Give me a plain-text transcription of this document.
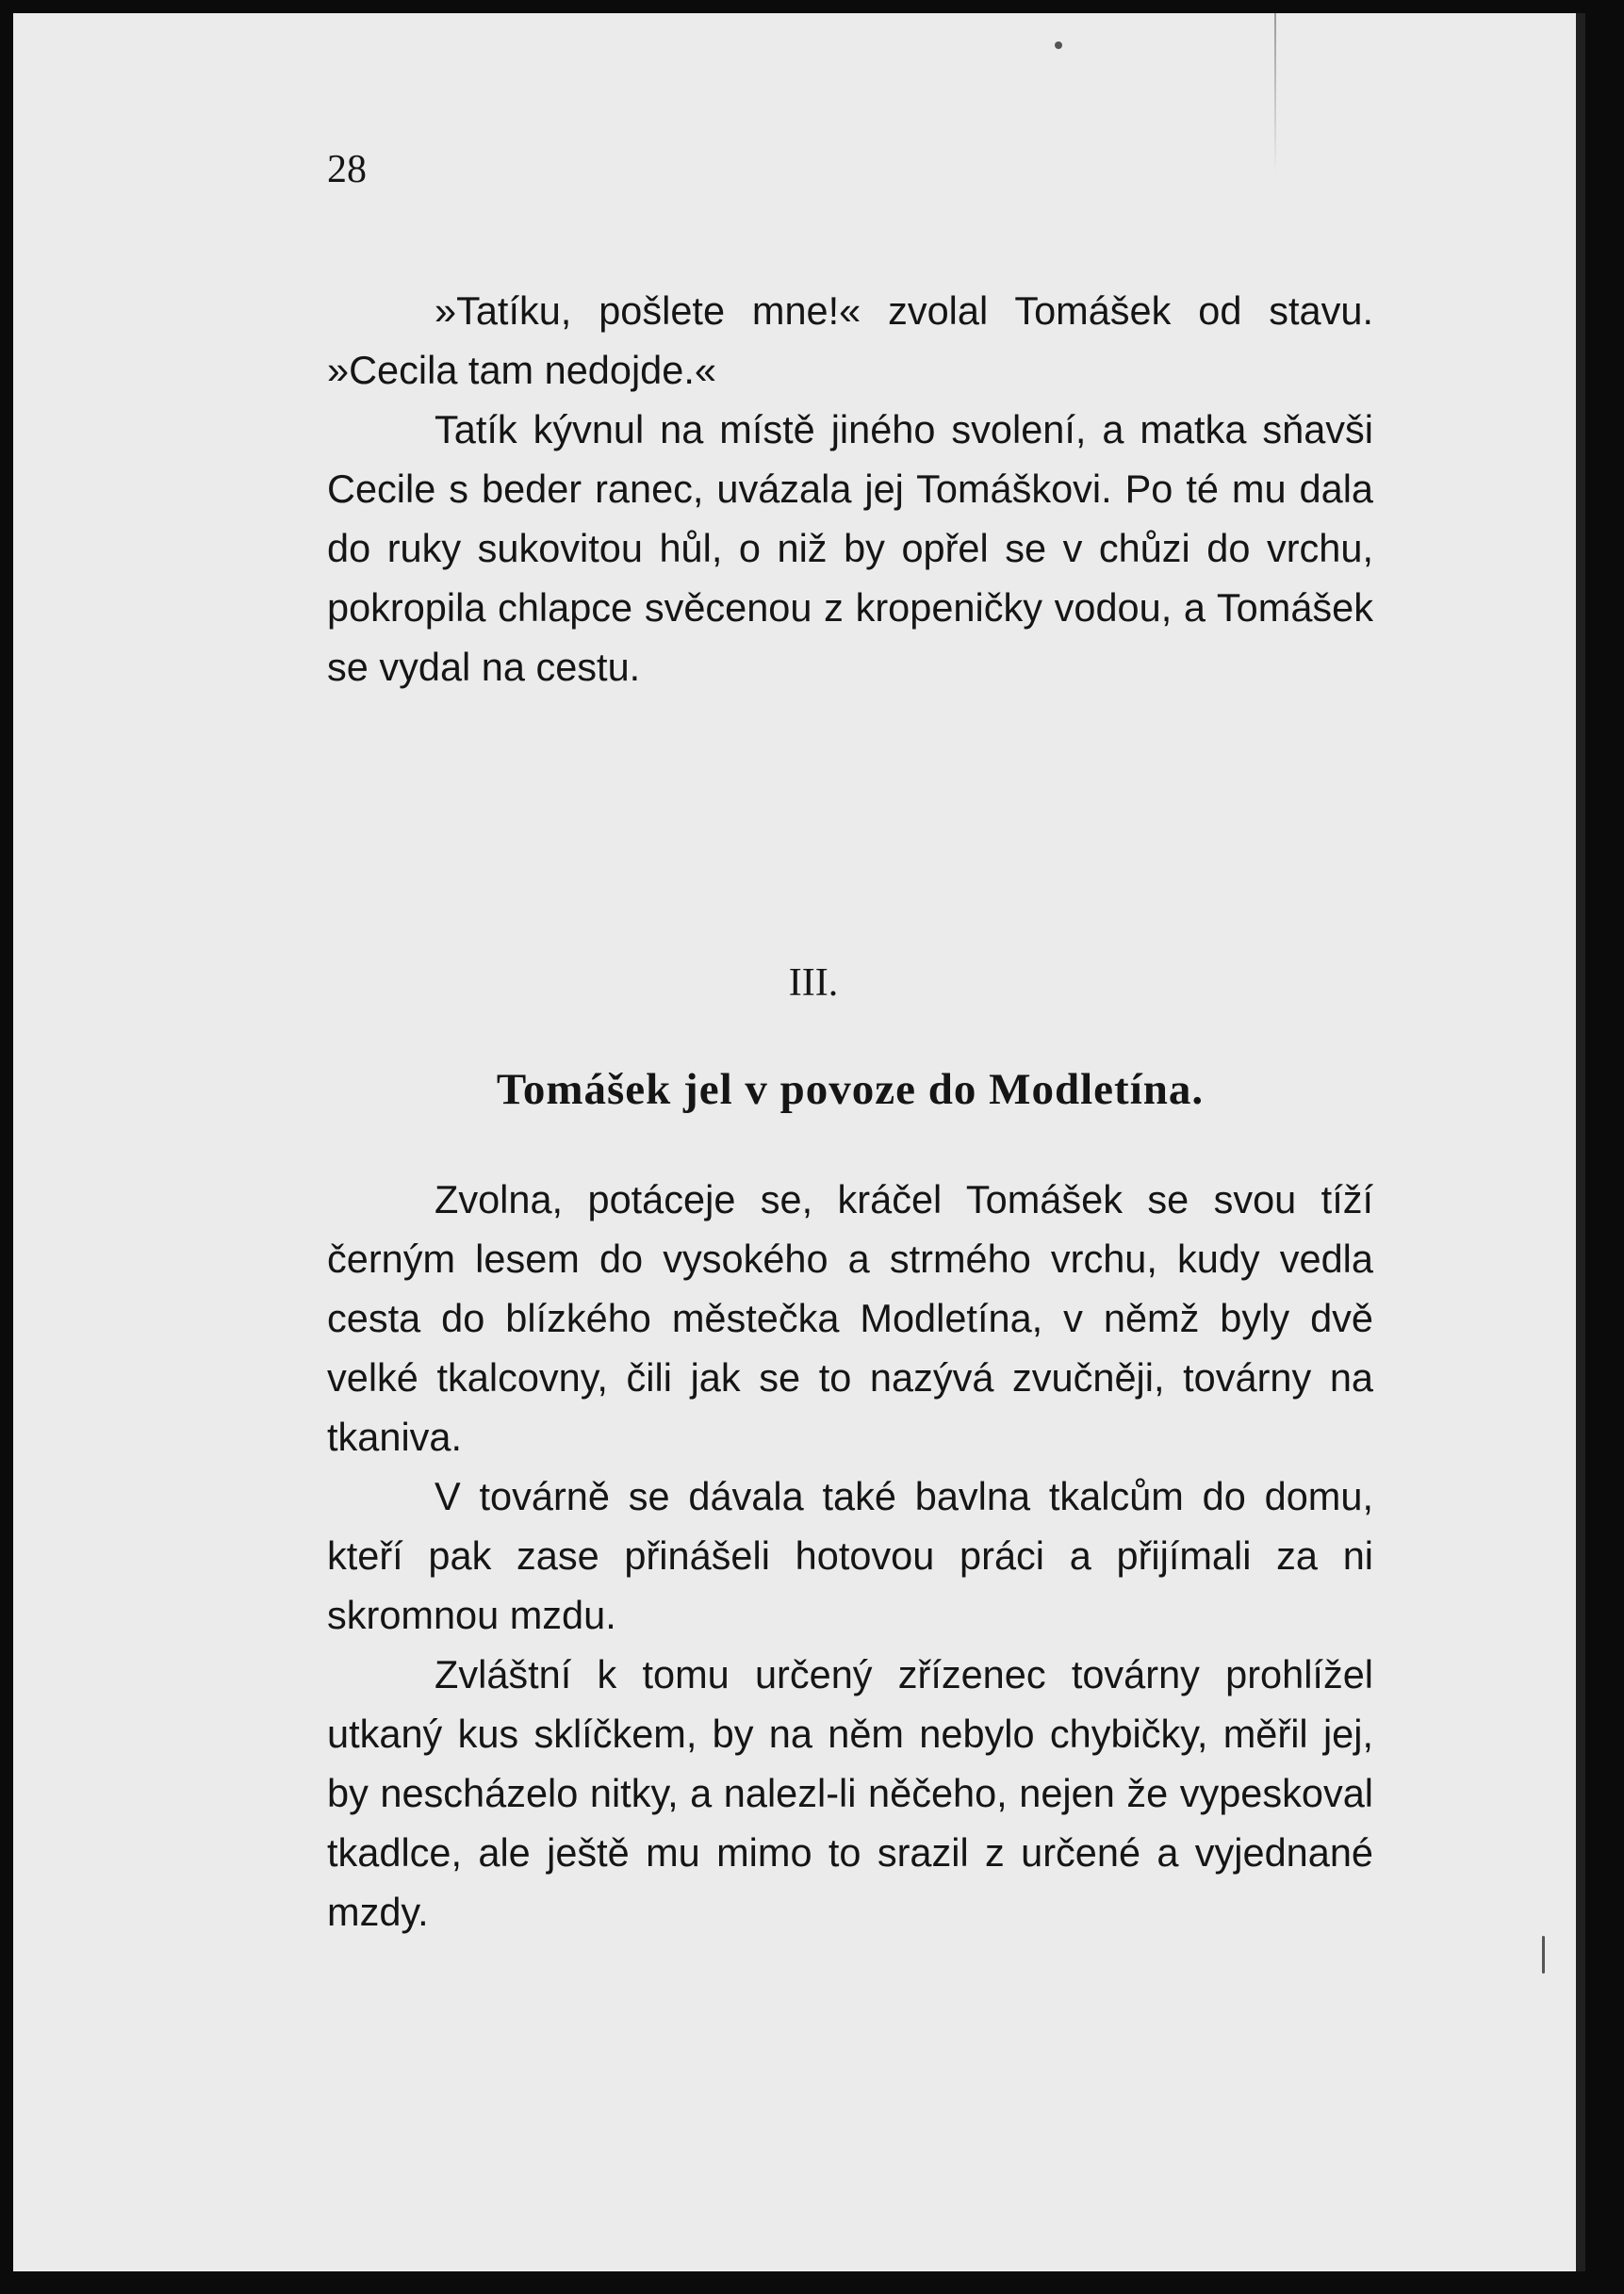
28

»Tatíku, pošlete mne!« zvolal Tomášek od stavu. »Cecila tam nedojde.«

Tatík kývnul na místě jiného svolení, a matka sňavši Cecile s beder ranec, uvázala jej Tomáškovi. Po té mu dala do ruky sukovitou hůl, o niž by opřel se v chůzi do vrchu, pokropila chlapce svěcenou z kropeničky vodou, a Tomášek se vydal na cestu.

III.
Tomášek jel v povoze do Modletína.

Zvolna, potáceje se, kráčel Tomášek se svou tíží černým lesem do vysokého a strmého vrchu, kudy vedla cesta do blízkého městečka Modletína, v němž byly dvě velké tkalcovny, čili jak se to nazývá zvučněji, továrny na tkaniva.

V továrně se dávala také bavlna tkalcům do domu, kteří pak zase přinášeli hotovou práci a přijímali za ni skromnou mzdu.

Zvláštní k tomu určený zřízenec továrny prohlížel utkaný kus sklíčkem, by na něm nebylo chybičky, měřil jej, by nescházelo nitky, a nalezl-li něčeho, nejen že vypeskoval tkadlce, ale ještě mu mimo to srazil z určené a vyjednané mzdy.
